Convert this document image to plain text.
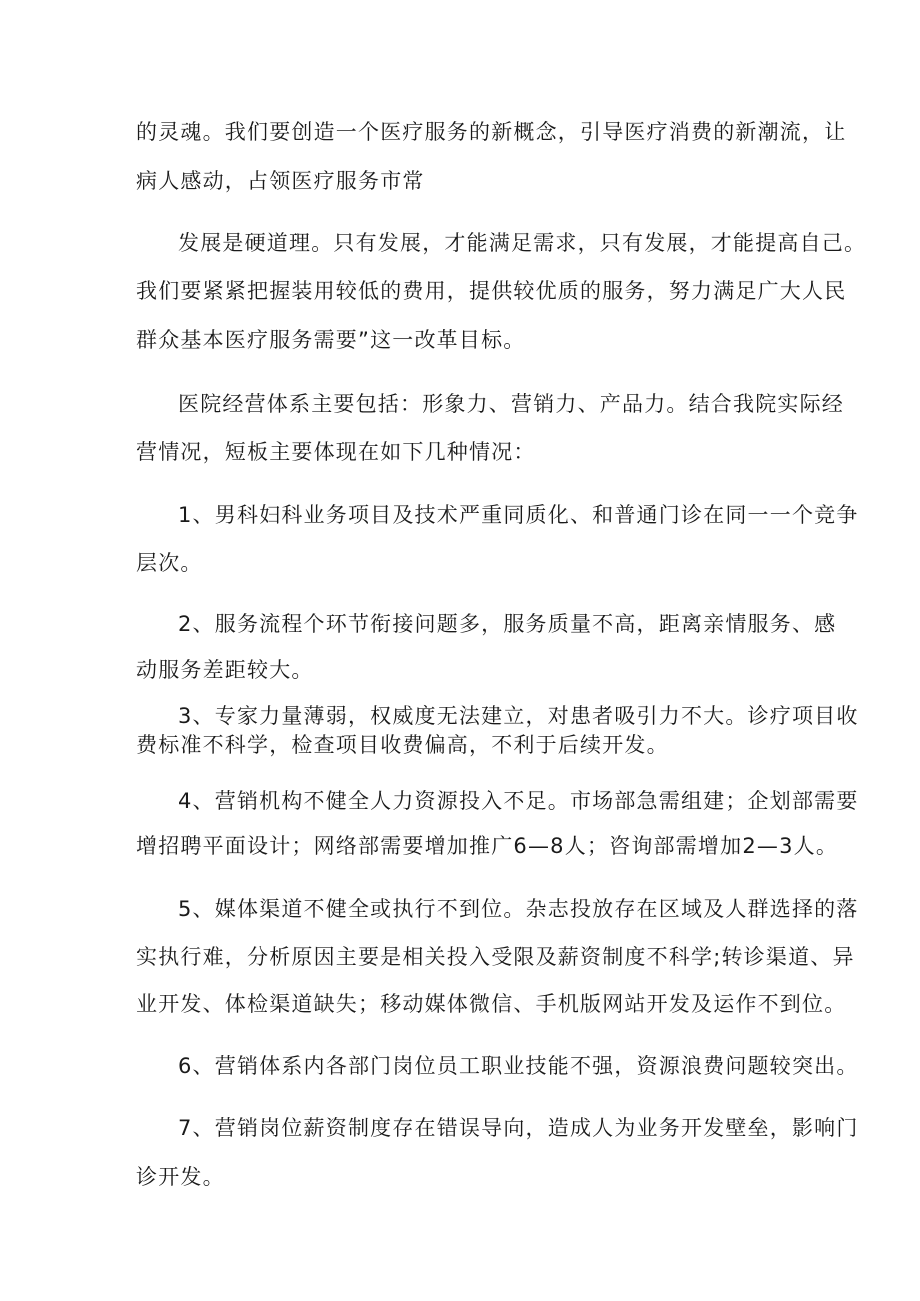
的灵魂。我们要创造一个医疗服务的新概念，引导医疗消费的新潮流，让
病人感动，占领医疗服务市常
发展是硬道理。只有发展，才能满足需求，只有发展，才能提高自己。
我们要紧紧把握装用较低的费用，提供较优质的服务，努力满足广大人民
群众基本医疗服务需要”这一改革目标。
医院经营体系主要包括：形象力、营销力、产品力。结合我院实际经
营情况，短板主要体现在如下几种情况：
1、男科妇科业务项目及技术严重同质化、和普通门诊在同一一个竞争
层次。
2、服务流程个环节衔接问题多，服务质量不高，距离亲情服务、感
动服务差距较大。
3、专家力量薄弱，权威度无法建立，对患者吸引力不大。诊疗项目收
费标准不科学，检查项目收费偏高，不利于后续开发。
4、营销机构不健全人力资源投入不足。市场部急需组建；企划部需要
增招聘平面设计；网络部需要增加推广6—8人；咨询部需增加2—3人。
5、媒体渠道不健全或执行不到位。杂志投放存在区域及人群选择的落
实执行难，分析原因主要是相关投入受限及薪资制度不科学;转诊渠道、异
业开发、体检渠道缺失；移动媒体微信、手机版网站开发及运作不到位。
6、营销体系内各部门岗位员工职业技能不强，资源浪费问题较突出。
7、营销岗位薪资制度存在错误导向，造成人为业务开发壁垒，影响门
诊开发。
